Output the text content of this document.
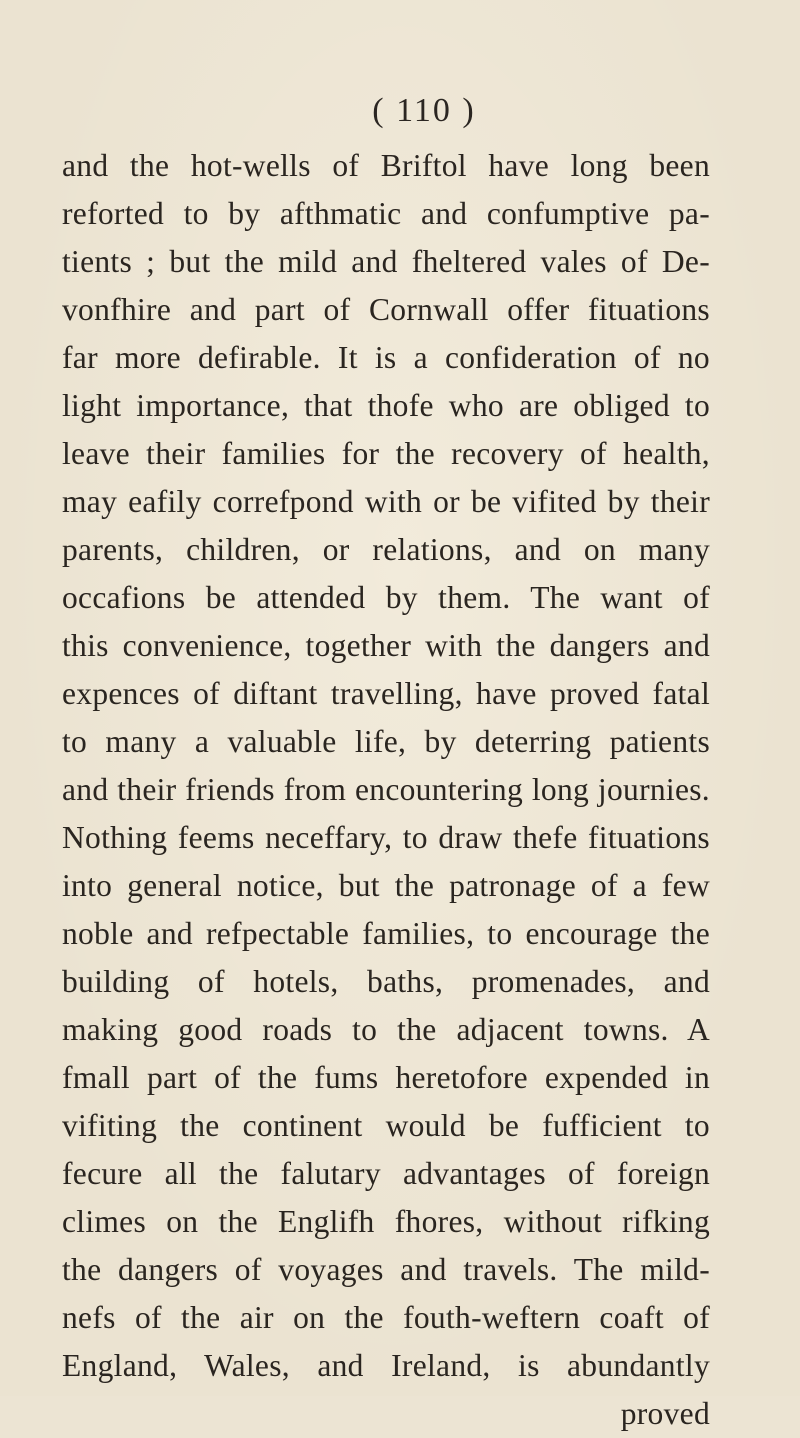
( 110 )
and the hot-wells of Briftol have long been
reforted to by afthmatic and confumptive pa-
tients ; but the mild and fheltered vales of De-
vonfhire and part of Cornwall offer fituations
far more defirable. It is a confideration of no
light importance, that thofe who are obliged to
leave their families for the recovery of health,
may eafily correfpond with or be vifited by their
parents, children, or relations, and on many
occafions be attended by them. The want of
this convenience, together with the dangers and
expences of diftant travelling, have proved fatal
to many a valuable life, by deterring patients
and their friends from encountering long journies.
Nothing feems neceffary, to draw thefe fituations
into general notice, but the patronage of a few
noble and refpectable families, to encourage the
building of hotels, baths, promenades, and
making good roads to the adjacent towns. A
fmall part of the fums heretofore expended in
vifiting the continent would be fufficient to
fecure all the falutary advantages of foreign
climes on the Englifh fhores, without rifking
the dangers of voyages and travels. The mild-
nefs of the air on the fouth-weftern coaft of
England, Wales, and Ireland, is abundantly
proved
